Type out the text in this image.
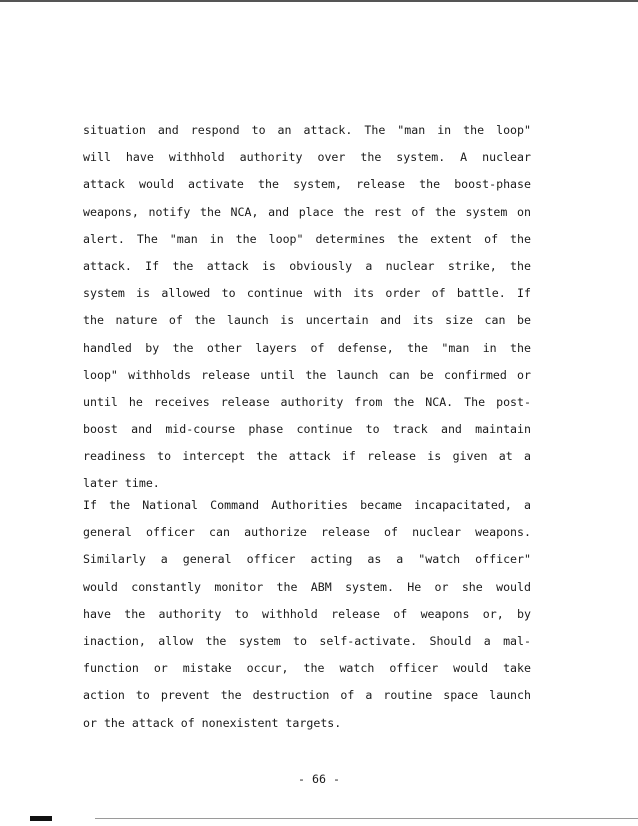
situation and respond to an attack. The "man in the loop"
will have withhold authority over the system. A nuclear
attack would activate the system, release the boost-phase
weapons, notify the NCA, and place the rest of the system on
alert. The "man in the loop" determines the extent of the
attack. If the attack is obviously a nuclear strike, the
system is allowed to continue with its order of battle. If
the nature of the launch is uncertain and its size can be
handled by the other layers of defense, the "man in the
loop" withholds release until the launch can be confirmed or
until he receives release authority from the NCA. The post-
boost and mid-course phase continue to track and maintain
readiness to intercept the attack if release is given at a
later time.
If the National Command Authorities became incapacitated, a
general officer can authorize release of nuclear weapons.
Similarly a general officer acting as a "watch officer"
would constantly monitor the ABM system. He or she would
have the authority to withhold release of weapons or, by
inaction, allow the system to self-activate. Should a mal-
function or mistake occur, the watch officer would take
action to prevent the destruction of a routine space launch
or the attack of nonexistent targets.
- 66 -
